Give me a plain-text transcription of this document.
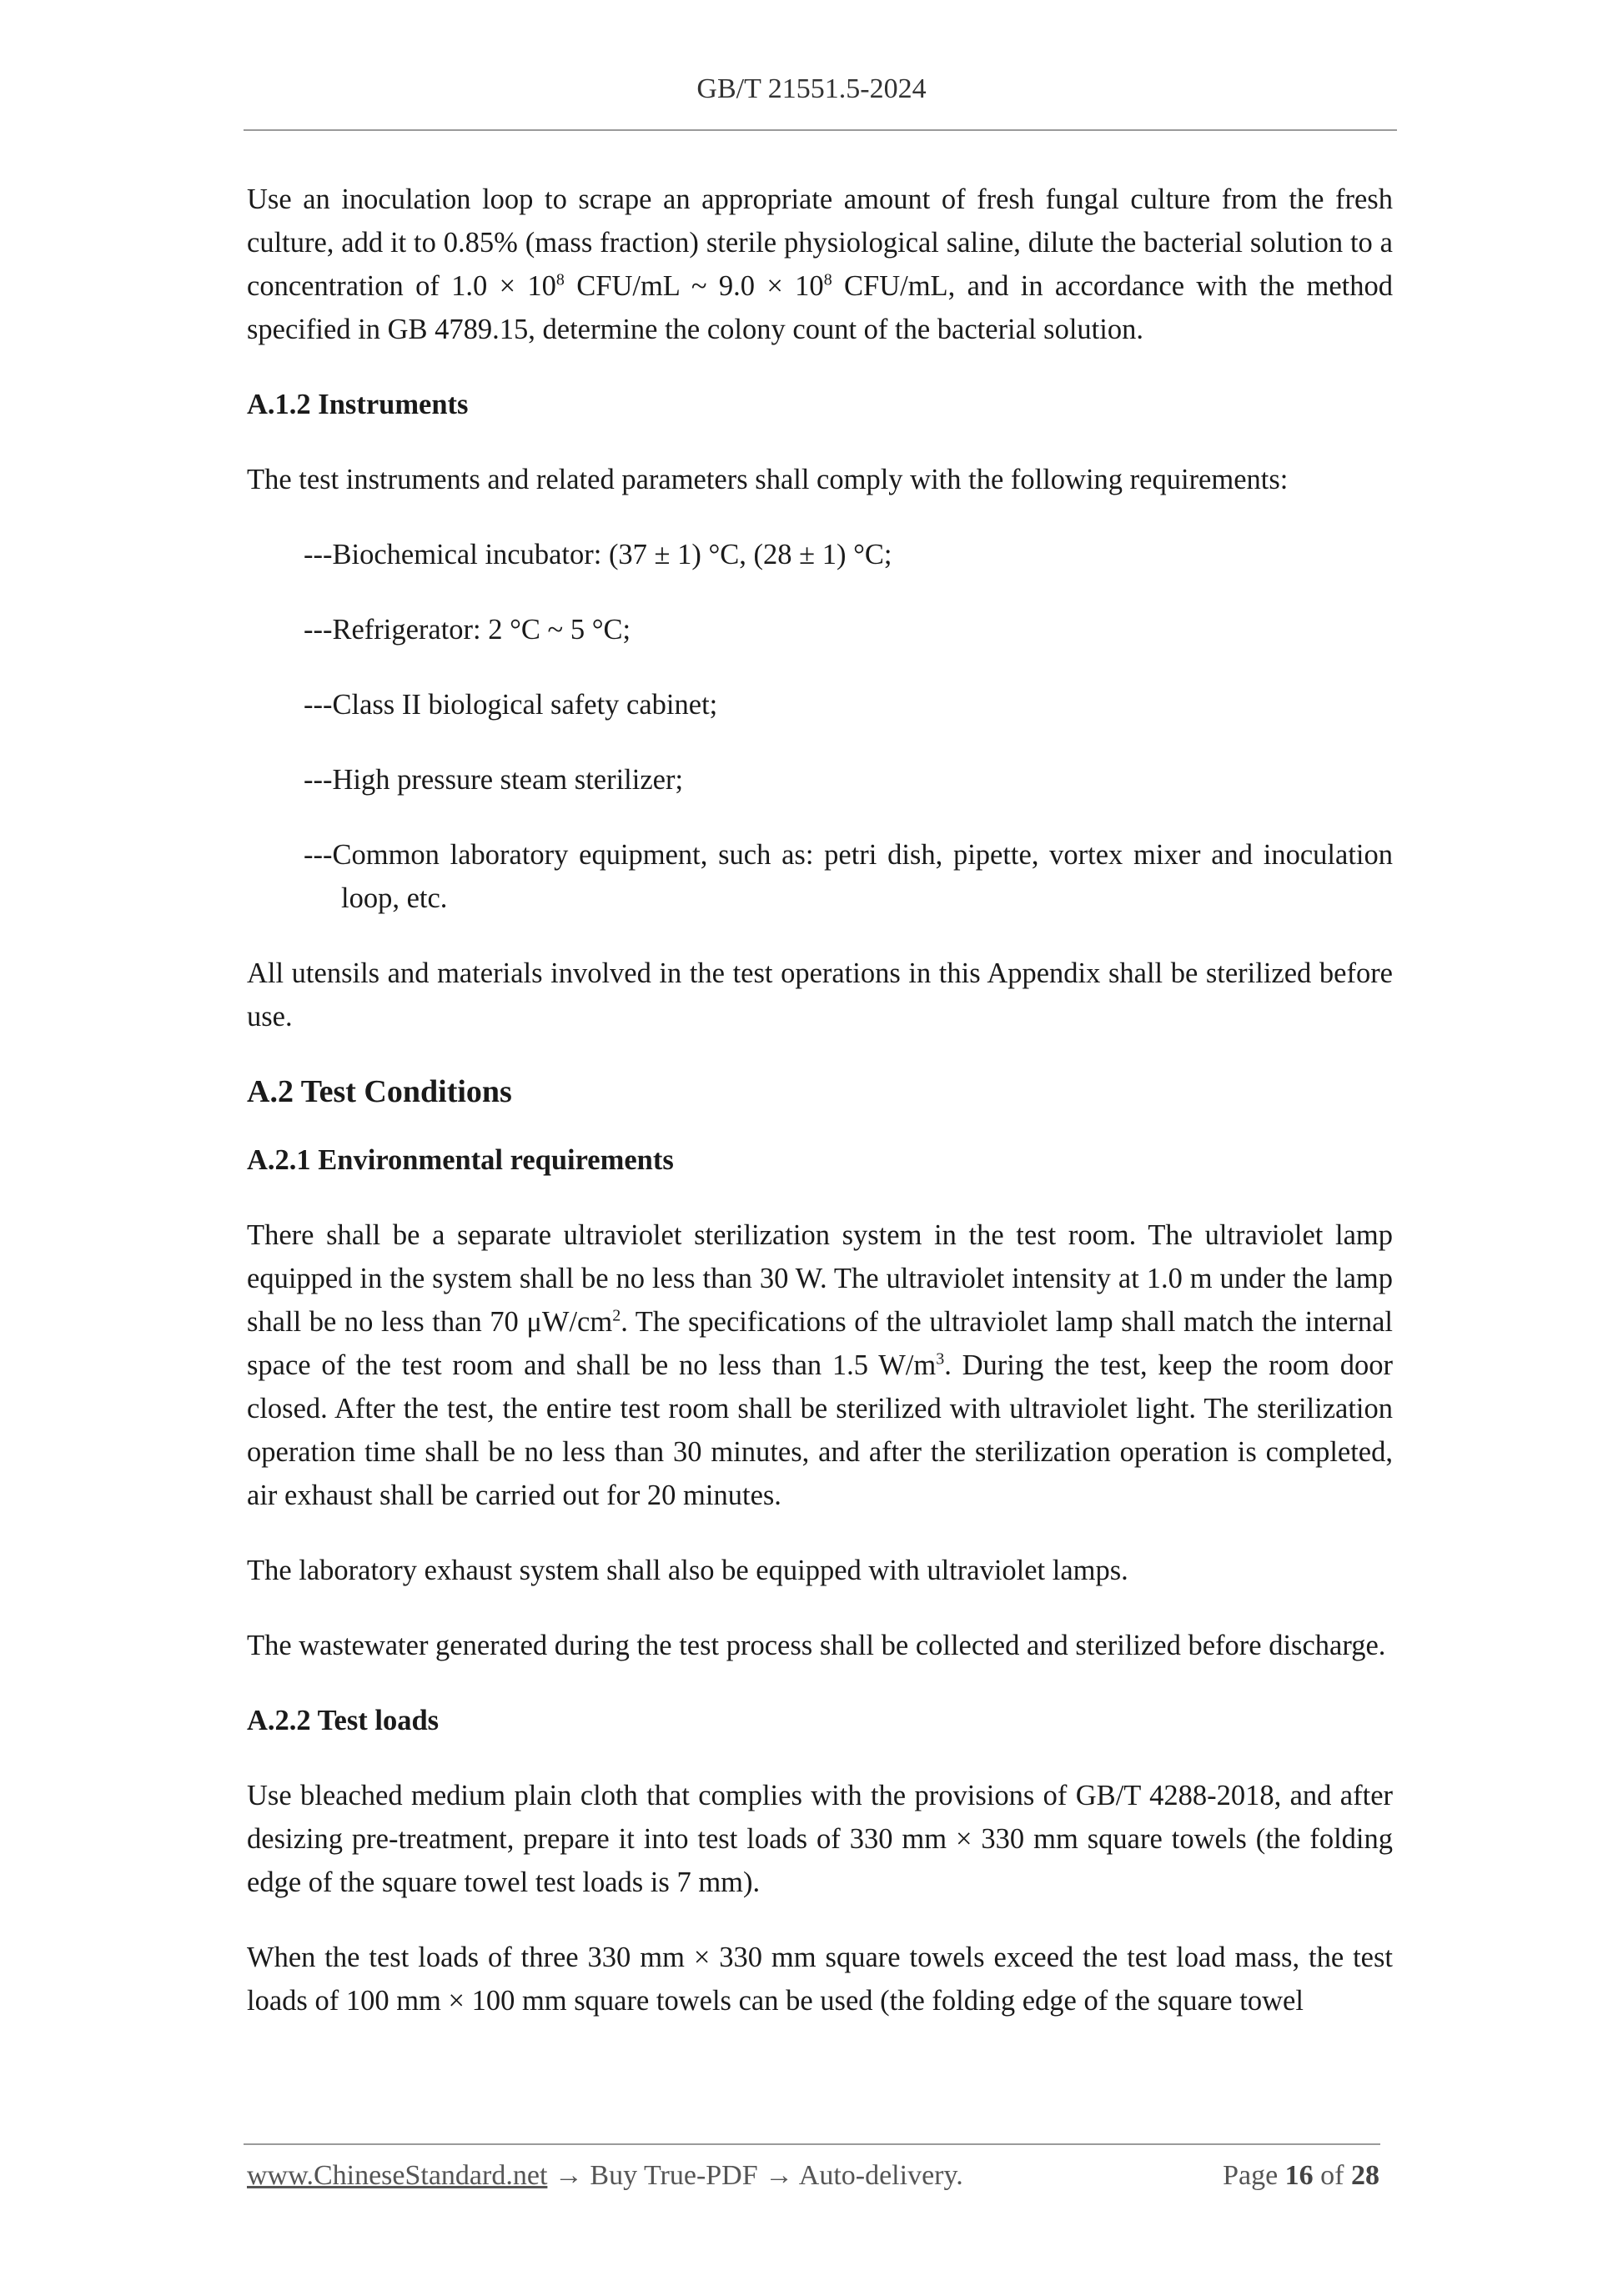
GB/T 21551.5-2024

Use an inoculation loop to scrape an appropriate amount of fresh fungal culture from the fresh culture, add it to 0.85% (mass fraction) sterile physiological saline, dilute the bacterial solution to a concentration of $1.0 \times 10^8$ CFU/mL ~ $9.0 \times 10^8$ CFU/mL, and in accordance with the method specified in GB 4789.15, determine the colony count of the bacterial solution.

A.1.2 Instruments

The test instruments and related parameters shall comply with the following requirements:

---Biochemical incubator: (37 ± 1) °C, (28 ± 1) °C;
---Refrigerator: 2 °C ~ 5 °C;
---Class II biological safety cabinet;
---High pressure steam sterilizer;
---Common laboratory equipment, such as: petri dish, pipette, vortex mixer and inoculation loop, etc.

All utensils and materials involved in the test operations in this Appendix shall be sterilized before use.

A.2 Test Conditions
A.2.1 Environmental requirements

There shall be a separate ultraviolet sterilization system in the test room. The ultraviolet lamp equipped in the system shall be no less than 30 W. The ultraviolet intensity at 1.0 m under the lamp shall be no less than 70 $\mu W/cm^2$. The specifications of the ultraviolet lamp shall match the internal space of the test room and shall be no less than 1.5 $W/m^3$. During the test, keep the room door closed. After the test, the entire test room shall be sterilized with ultraviolet light. The sterilization operation time shall be no less than 30 minutes, and after the sterilization operation is completed, air exhaust shall be carried out for 20 minutes.

The laboratory exhaust system shall also be equipped with ultraviolet lamps.

The wastewater generated during the test process shall be collected and sterilized before discharge.

A.2.2 Test loads

Use bleached medium plain cloth that complies with the provisions of GB/T 4288-2018, and after desizing pre-treatment, prepare it into test loads of 330 mm × 330 mm square towels (the folding edge of the square towel test loads is 7 mm).

When the test loads of three 330 mm × 330 mm square towels exceed the test load mass, the test loads of 100 mm × 100 mm square towels can be used (the folding edge of the square towel

www.ChineseStandard.net → Buy True-PDF → Auto-delivery.	Page 16 of 28
